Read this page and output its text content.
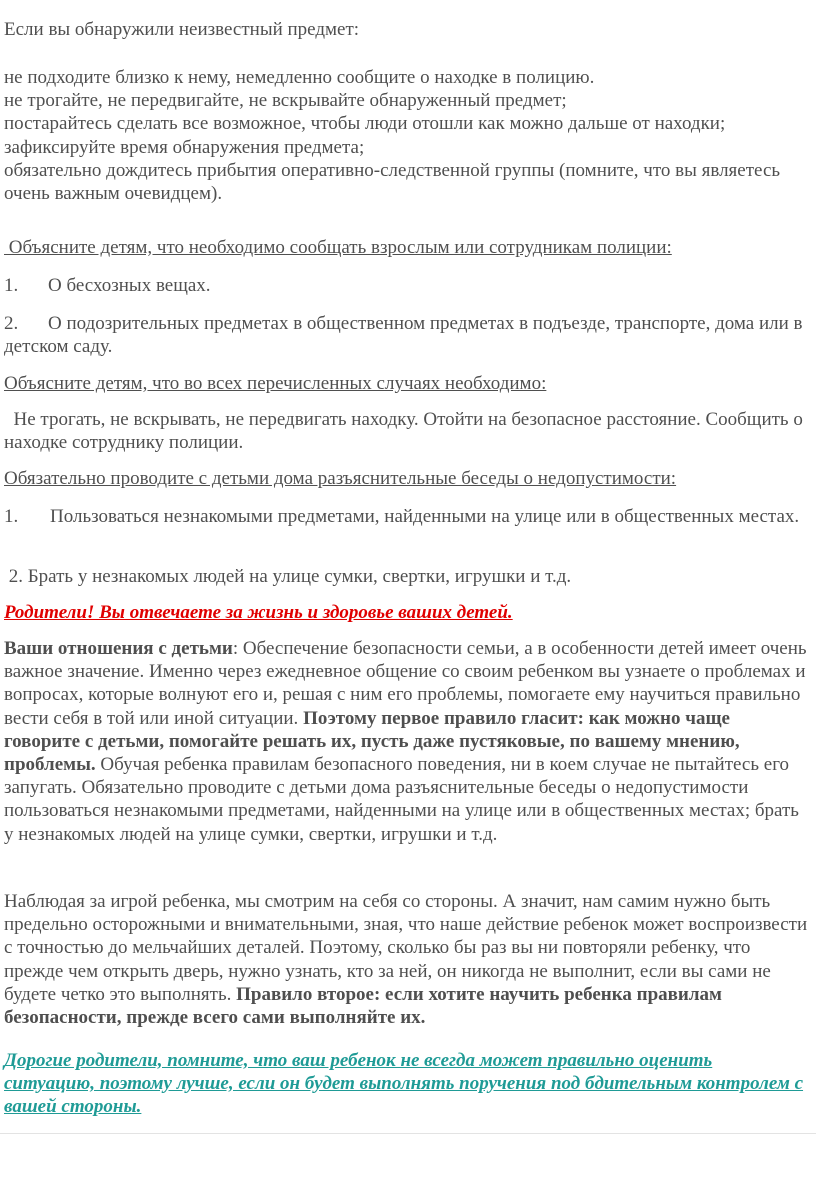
Если вы обнаружили неизвестный предмет:

не подходите близко к нему, немедленно сообщите о находке в полицию.
не трогайте, не передвигайте, не вскрывайте обнаруженный предмет;
постарайтесь сделать все возможное, чтобы люди отошли как можно дальше от находки;
зафиксируйте время обнаружения предмета;
обязательно дождитесь прибытия оперативно-следственной группы (помните, что вы являетесь очень важным очевидцем).

Объясните детям, что необходимо сообщать взрослым или сотрудникам полиции:

1. О бесхозных вещах.

2. О подозрительных предметах в общественном предметах в подъезде, транспорте, дома или в детском саду.

Объясните детям, что во всех перечисленных случаях необходимо:

Не трогать, не вскрывать, не передвигать находку. Отойти на безопасное расстояние. Сообщить о находке сотруднику полиции.

Обязательно проводите с детьми дома разъяснительные беседы о недопустимости:

1. Пользоваться незнакомыми предметами, найденными на улице или в общественных местах.

2. Брать у незнакомых людей на улице сумки, свертки, игрушки и т.д.

Родители! Вы отвечаете за жизнь и здоровье ваших детей.

Ваши отношения с детьми: Обеспечение безопасности семьи, а в особенности детей имеет очень важное значение. Именно через ежедневное общение со своим ребенком вы узнаете о проблемах и вопросах, которые волнуют его и, решая с ним его проблемы, помогаете ему научиться правильно вести себя в той или иной ситуации. Поэтому первое правило гласит: как можно чаще говорите с детьми, помогайте решать их, пусть даже пустяковые, по вашему мнению, проблемы. Обучая ребенка правилам безопасного поведения, ни в коем случае не пытайтесь его запугать. Обязательно проводите с детьми дома разъяснительные беседы о недопустимости пользоваться незнакомыми предметами, найденными на улице или в общественных местах; брать у незнакомых людей на улице сумки, свертки, игрушки и т.д.

Наблюдая за игрой ребенка, мы смотрим на себя со стороны. А значит, нам самим нужно быть предельно осторожными и внимательными, зная, что наше действие ребенок может воспроизвести с точностью до мельчайших деталей. Поэтому, сколько бы раз вы ни повторяли ребенку, что прежде чем открыть дверь, нужно узнать, кто за ней, он никогда не выполнит, если вы сами не будете четко это выполнять. Правило второе: если хотите научить ребенка правилам безопасности, прежде всего сами выполняйте их.

Дорогие родители, помните, что ваш ребенок не всегда может правильно оценить ситуацию, поэтому лучше, если он будет выполнять поручения под бдительным контролем с вашей стороны.
